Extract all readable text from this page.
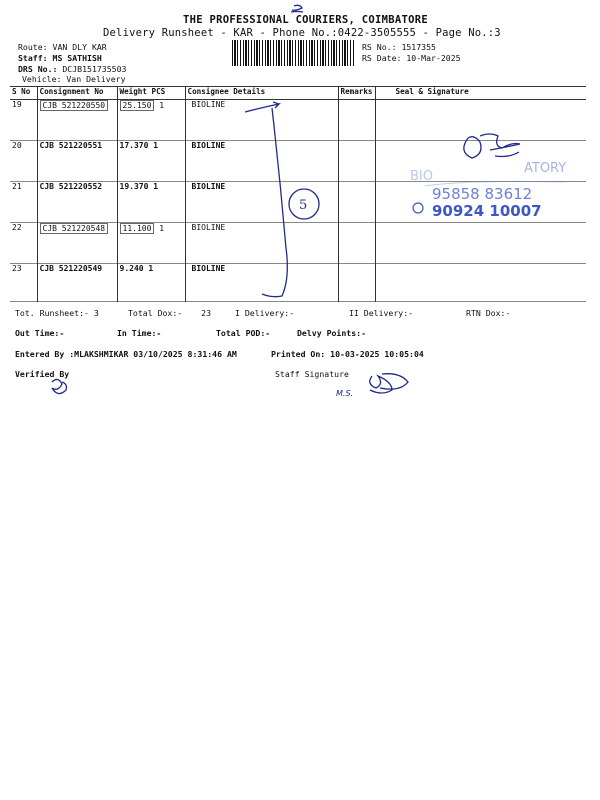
THE PROFESSIONAL COURIERS, COIMBATORE
Delivery Runsheet - KAR - Phone No.:0422-3505555 - Page No.:3
Route: VAN DLY KAR
Staff: MS SATHISH
DRS No.: DCJB151735503
Vehicle: Van Delivery
RS No.: 1517355
RS Date: 10-Mar-2025
S No	Consignment No	Weight PCS	Consignee Details	Remarks	Seal & Signature
19	CJB 521220550	25.150 1	BIOLINE		
20	CJB 521220551	17.370 1	BIOLINE		
21	CJB 521220552	19.370 1	BIOLINE		
22	CJB 521220548	11.100 1	BIOLINE		
23	CJB 521220549	9.240 1	BIOLINE		
5
BIO
ATORY
95858 83612
90924 10007
M.S.
Tot. Runsheet:- 3	Total Dox:- 23	I Delivery:-	II Delivery:-	RTN Dox:-
Out Time:-	In Time:-	Total POD:-	Delvy Points:-
Entered By :MLAKSHMIKAR 03/10/2025 8:31:46 AM	Printed On: 10-03-2025 10:05:04
Verified By	Staff Signature
